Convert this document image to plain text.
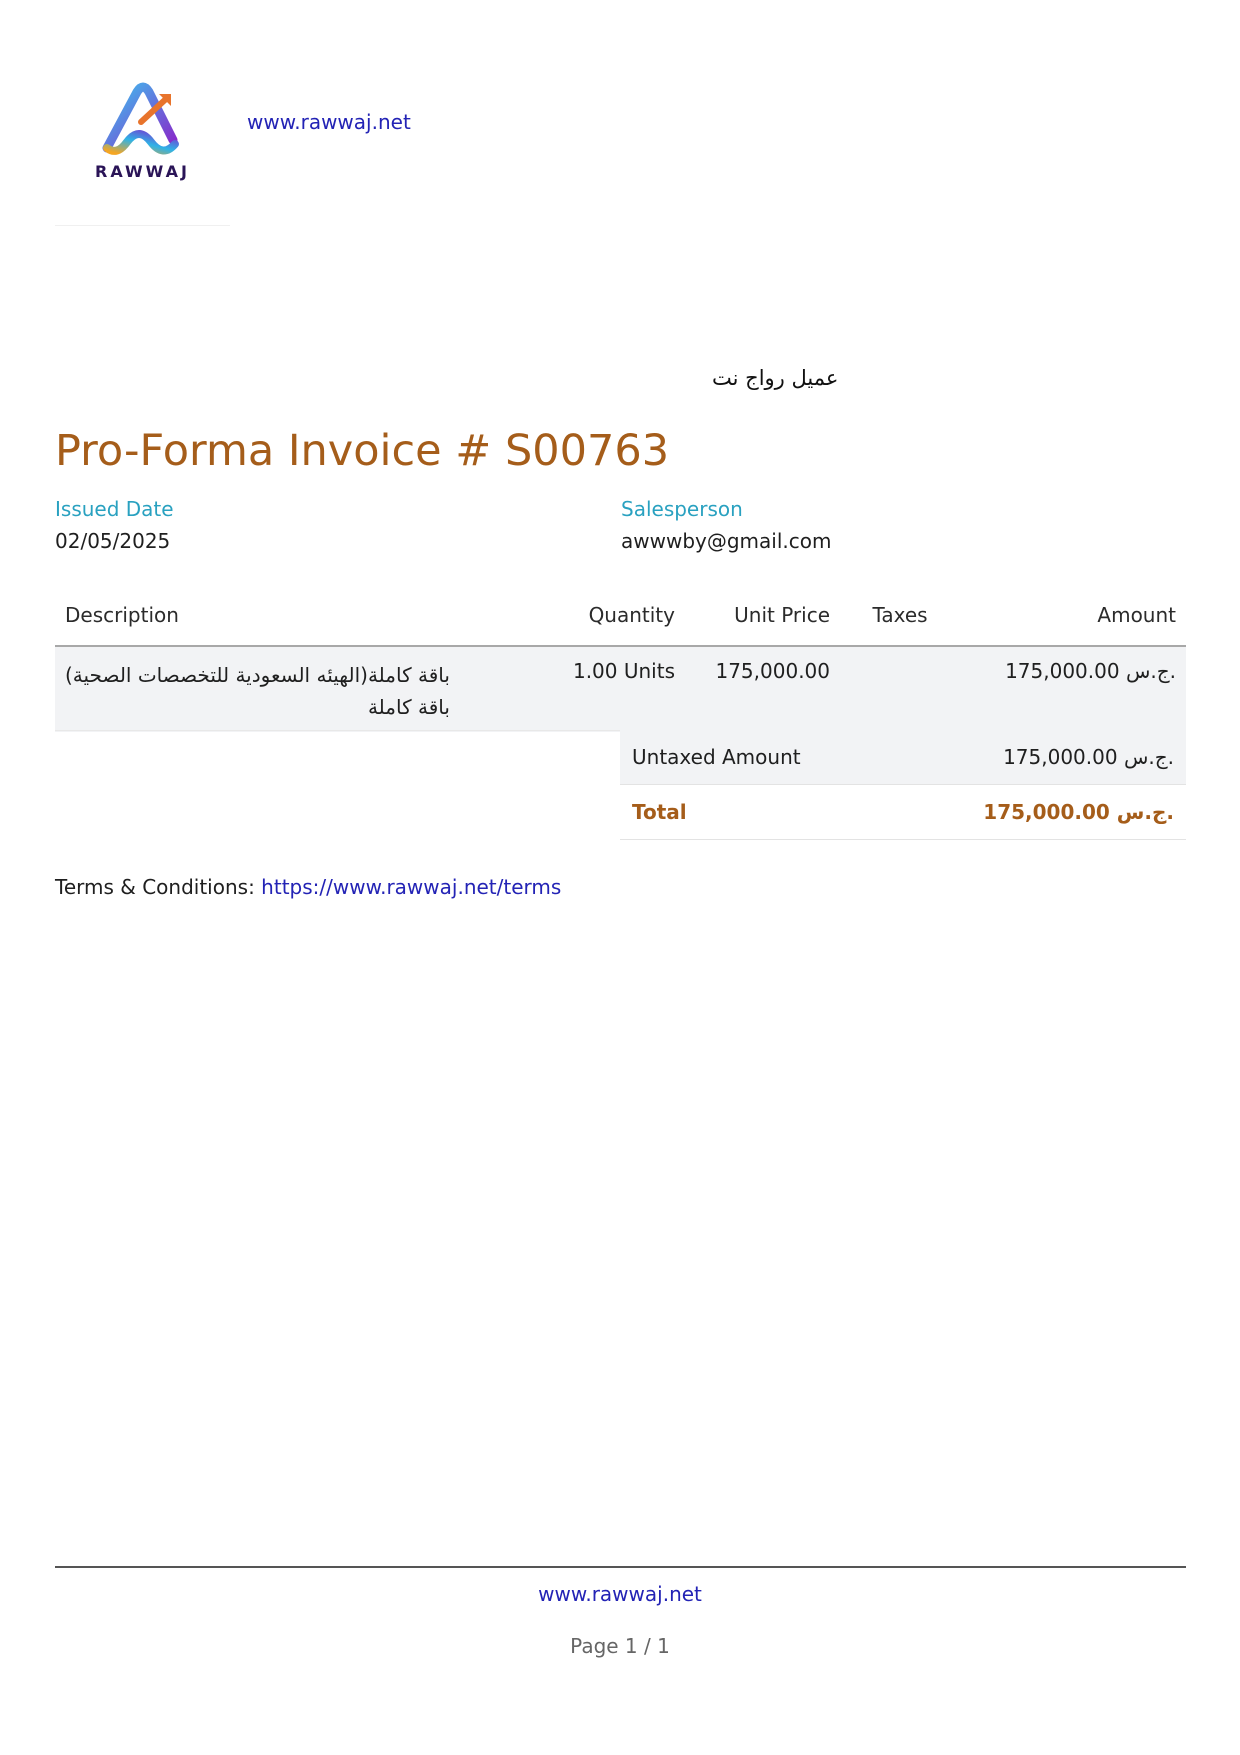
RAWWAJ
www.rawwaj.net
عميل رواج نت
Pro-Forma Invoice # S00763
Issued Date
02/05/2025
Salesperson
awwwby@gmail.com
Description	Quantity	Unit Price	Taxes	Amount

باقة كاملة(الهيئه السعودية للتخصصات الصحية)
باقة كاملة	1.00 Units	175,000.00		175,000.00 ج.س.
Untaxed Amount	175,000.00 ج.س.
Total	175,000.00 ج.س.
Terms & Conditions: https://www.rawwaj.net/terms
www.rawwaj.net
Page 1 / 1
